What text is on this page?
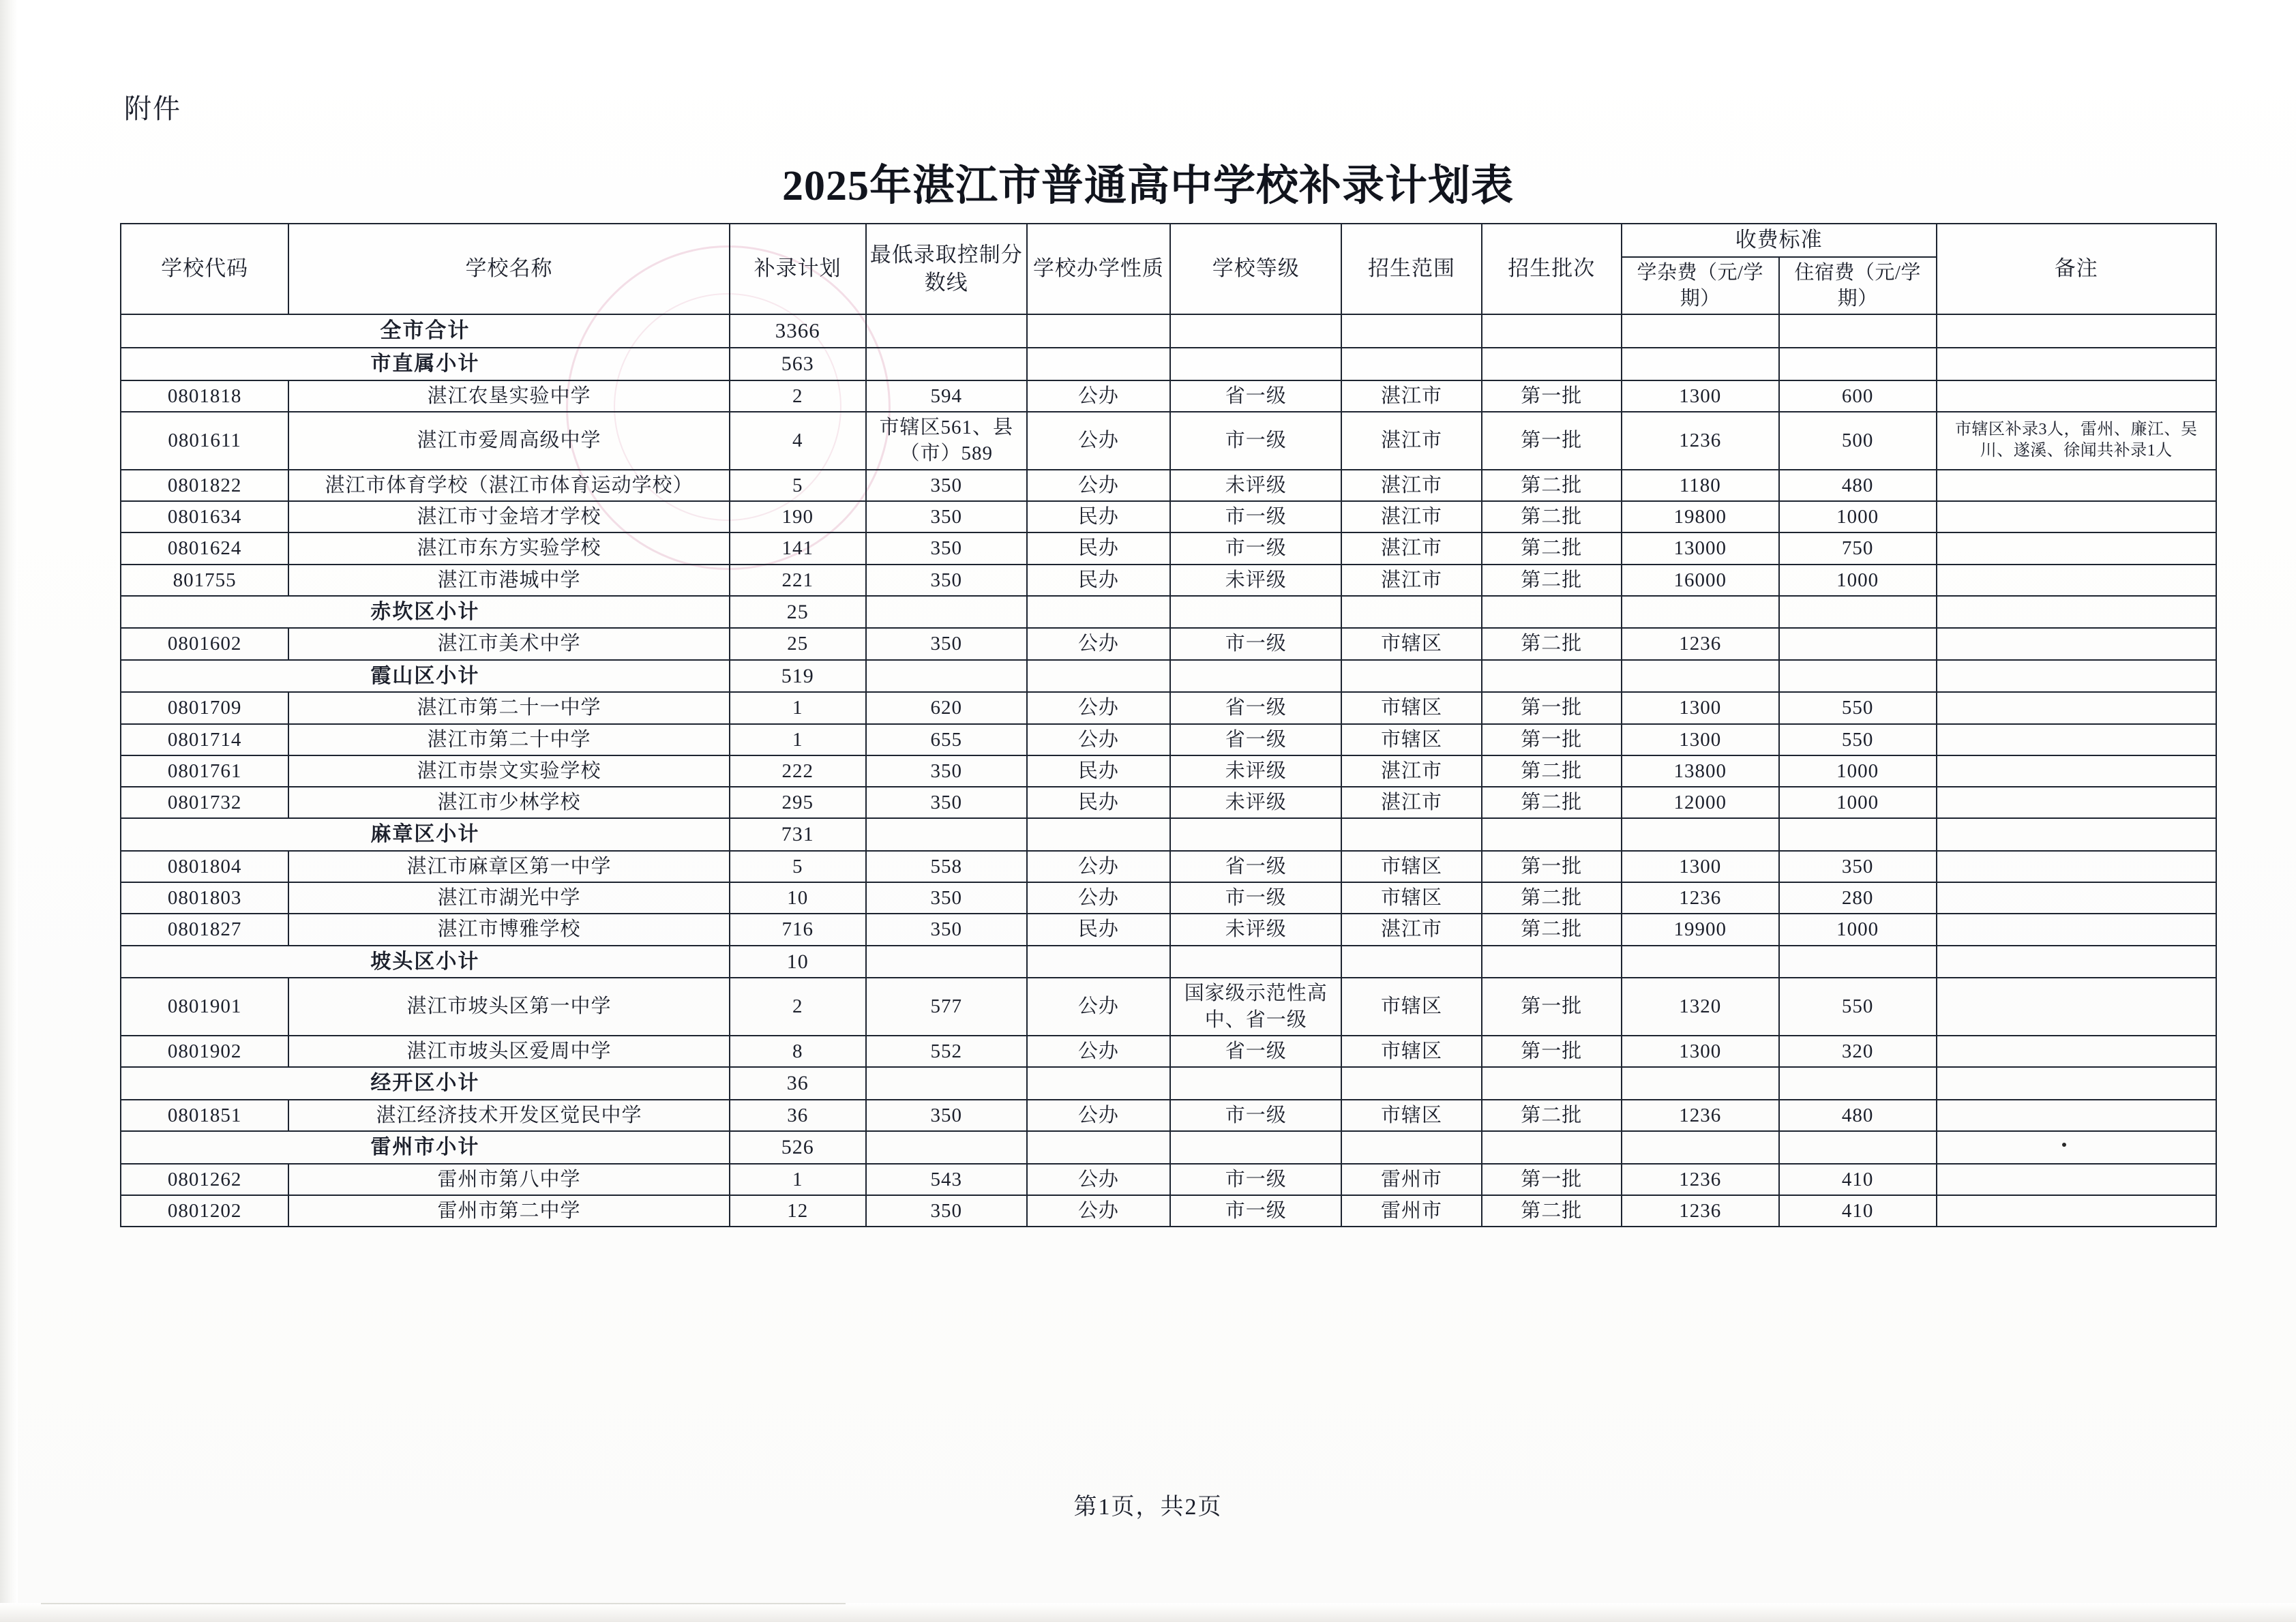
附件
2025年湛江市普通高中学校补录计划表
学校代码	学校名称	补录计划	最低录取控制分数线	学校办学性质	学校等级	招生范围	招生批次	收费标准		备注
								学杂费（元/学期）	住宿费（元/学期）	
全市合计		3366								
市直属小计		563								
0801818	湛江农垦实验中学	2	594	公办	省一级	湛江市	第一批	1300	600	
0801611	湛江市爱周高级中学	4	市辖区561、县（市）589	公办	市一级	湛江市	第一批	1236	500	市辖区补录3人，雷州、廉江、吴川、遂溪、徐闻共补录1人
0801822	湛江市体育学校（湛江市体育运动学校）	5	350	公办	未评级	湛江市	第二批	1180	480	
0801634	湛江市寸金培才学校	190	350	民办	市一级	湛江市	第二批	19800	1000	
0801624	湛江市东方实验学校	141	350	民办	市一级	湛江市	第二批	13000	750	
801755	湛江市港城中学	221	350	民办	未评级	湛江市	第二批	16000	1000	
赤坎区小计		25								
0801602	湛江市美术中学	25	350	公办	市一级	市辖区	第二批	1236		
霞山区小计		519								
0801709	湛江市第二十一中学	1	620	公办	省一级	市辖区	第一批	1300	550	
0801714	湛江市第二十中学	1	655	公办	省一级	市辖区	第一批	1300	550	
0801761	湛江市崇文实验学校	222	350	民办	未评级	湛江市	第二批	13800	1000	
0801732	湛江市少林学校	295	350	民办	未评级	湛江市	第二批	12000	1000	
麻章区小计		731								
0801804	湛江市麻章区第一中学	5	558	公办	省一级	市辖区	第一批	1300	350	
0801803	湛江市湖光中学	10	350	公办	市一级	市辖区	第二批	1236	280	
0801827	湛江市博雅学校	716	350	民办	未评级	湛江市	第二批	19900	1000	
坡头区小计		10								
0801901	湛江市坡头区第一中学	2	577	公办	国家级示范性高中、省一级	市辖区	第一批	1320	550	
0801902	湛江市坡头区爱周中学	8	552	公办	省一级	市辖区	第一批	1300	320	
经开区小计		36								
0801851	湛江经济技术开发区觉民中学	36	350	公办	市一级	市辖区	第二批	1236	480	
雷州市小计		526								
0801262	雷州市第八中学	1	543	公办	市一级	雷州市	第一批	1236	410	
0801202	雷州市第二中学	12	350	公办	市一级	雷州市	第二批	1236	410	
第1页，共2页
